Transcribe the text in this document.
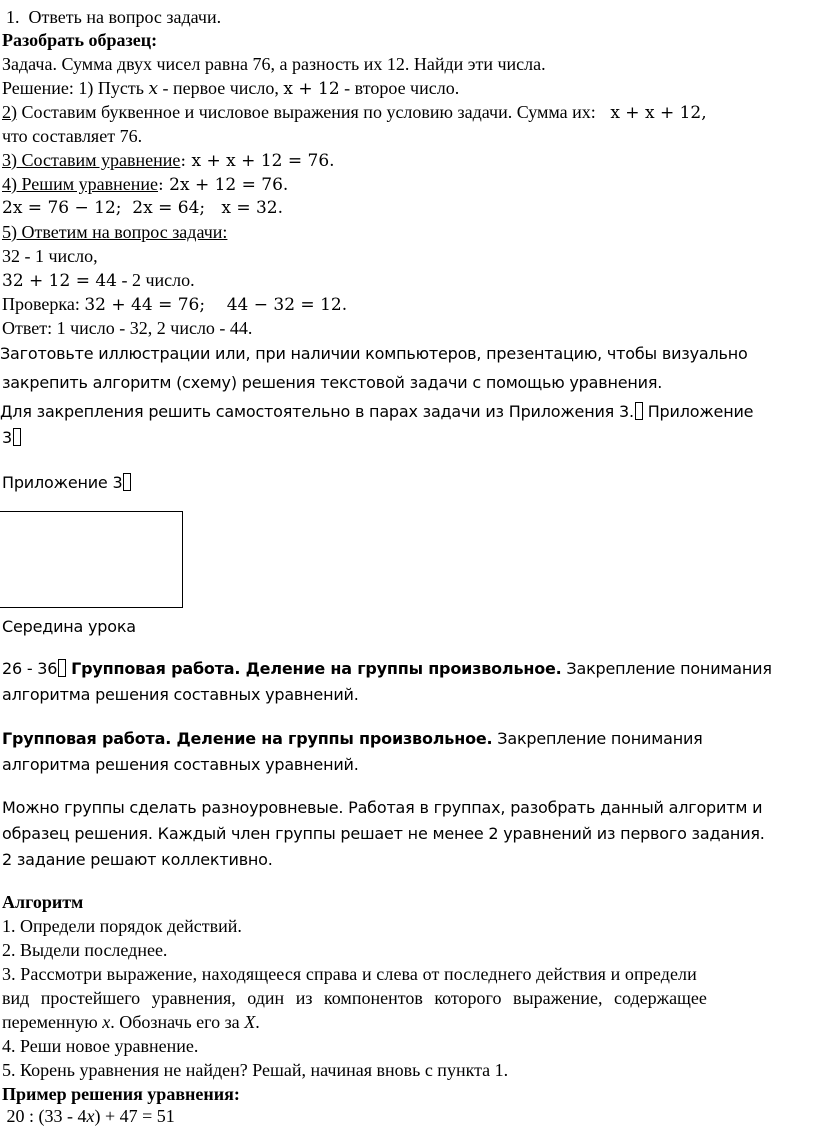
1. Ответь на вопрос задачи.
Разобрать образец:
Задача. Сумма двух чисел равна 76, а разность их 12. Найди эти числа.
Решение: 1) Пусть x - первое число, x + 12 - второе число.
2) Составим буквенное и числовое выражения по условию задачи. Сумма их: x + x + 12,
что составляет 76.
3) Составим уравнение: x + x + 12 = 76.
4) Решим уравнение: 2x + 12 = 76.
2x = 76 − 12;  2x = 64;   x = 32.
5) Ответим на вопрос задачи:
32 - 1 число,
32 + 12 = 44 - 2 число.
Проверка: 32 + 44 = 76;    44 − 32 = 12.
Ответ: 1 число - 32, 2 число - 44.
Заготовьте иллюстрации или, при наличии компьютеров, презентацию, чтобы визуально
закрепить алгоритм (схему) решения текстовой задачи с помощью уравнения.
Для закрепления решить самостоятельно в парах задачи из Приложения 3. Приложение
3
Приложение 3
Середина урока
26 - 36 Групповая работа. Деление на группы произвольное. Закрепление понимания
алгоритма решения составных уравнений.
Групповая работа. Деление на группы произвольное. Закрепление понимания
алгоритма решения составных уравнений.
Можно группы сделать разноуровневые. Работая в группах, разобрать данный алгоритм и
образец решения. Каждый член группы решает не менее 2 уравнений из первого задания.
2 задание решают коллективно.
Алгоритм
1. Определи порядок действий.
2. Выдели последнее.
3. Рассмотри выражение, находящееся справа и слева от последнего действия и определи
вид простейшего уравнения, один из компонентов которого выражение, содержащее
переменную x. Обозначь его за X.
4. Реши новое уравнение.
5. Корень уравнения не найден? Решай, начиная вновь с пункта 1.
Пример решения уравнения:
20 : (33 - 4x) + 47 = 51
